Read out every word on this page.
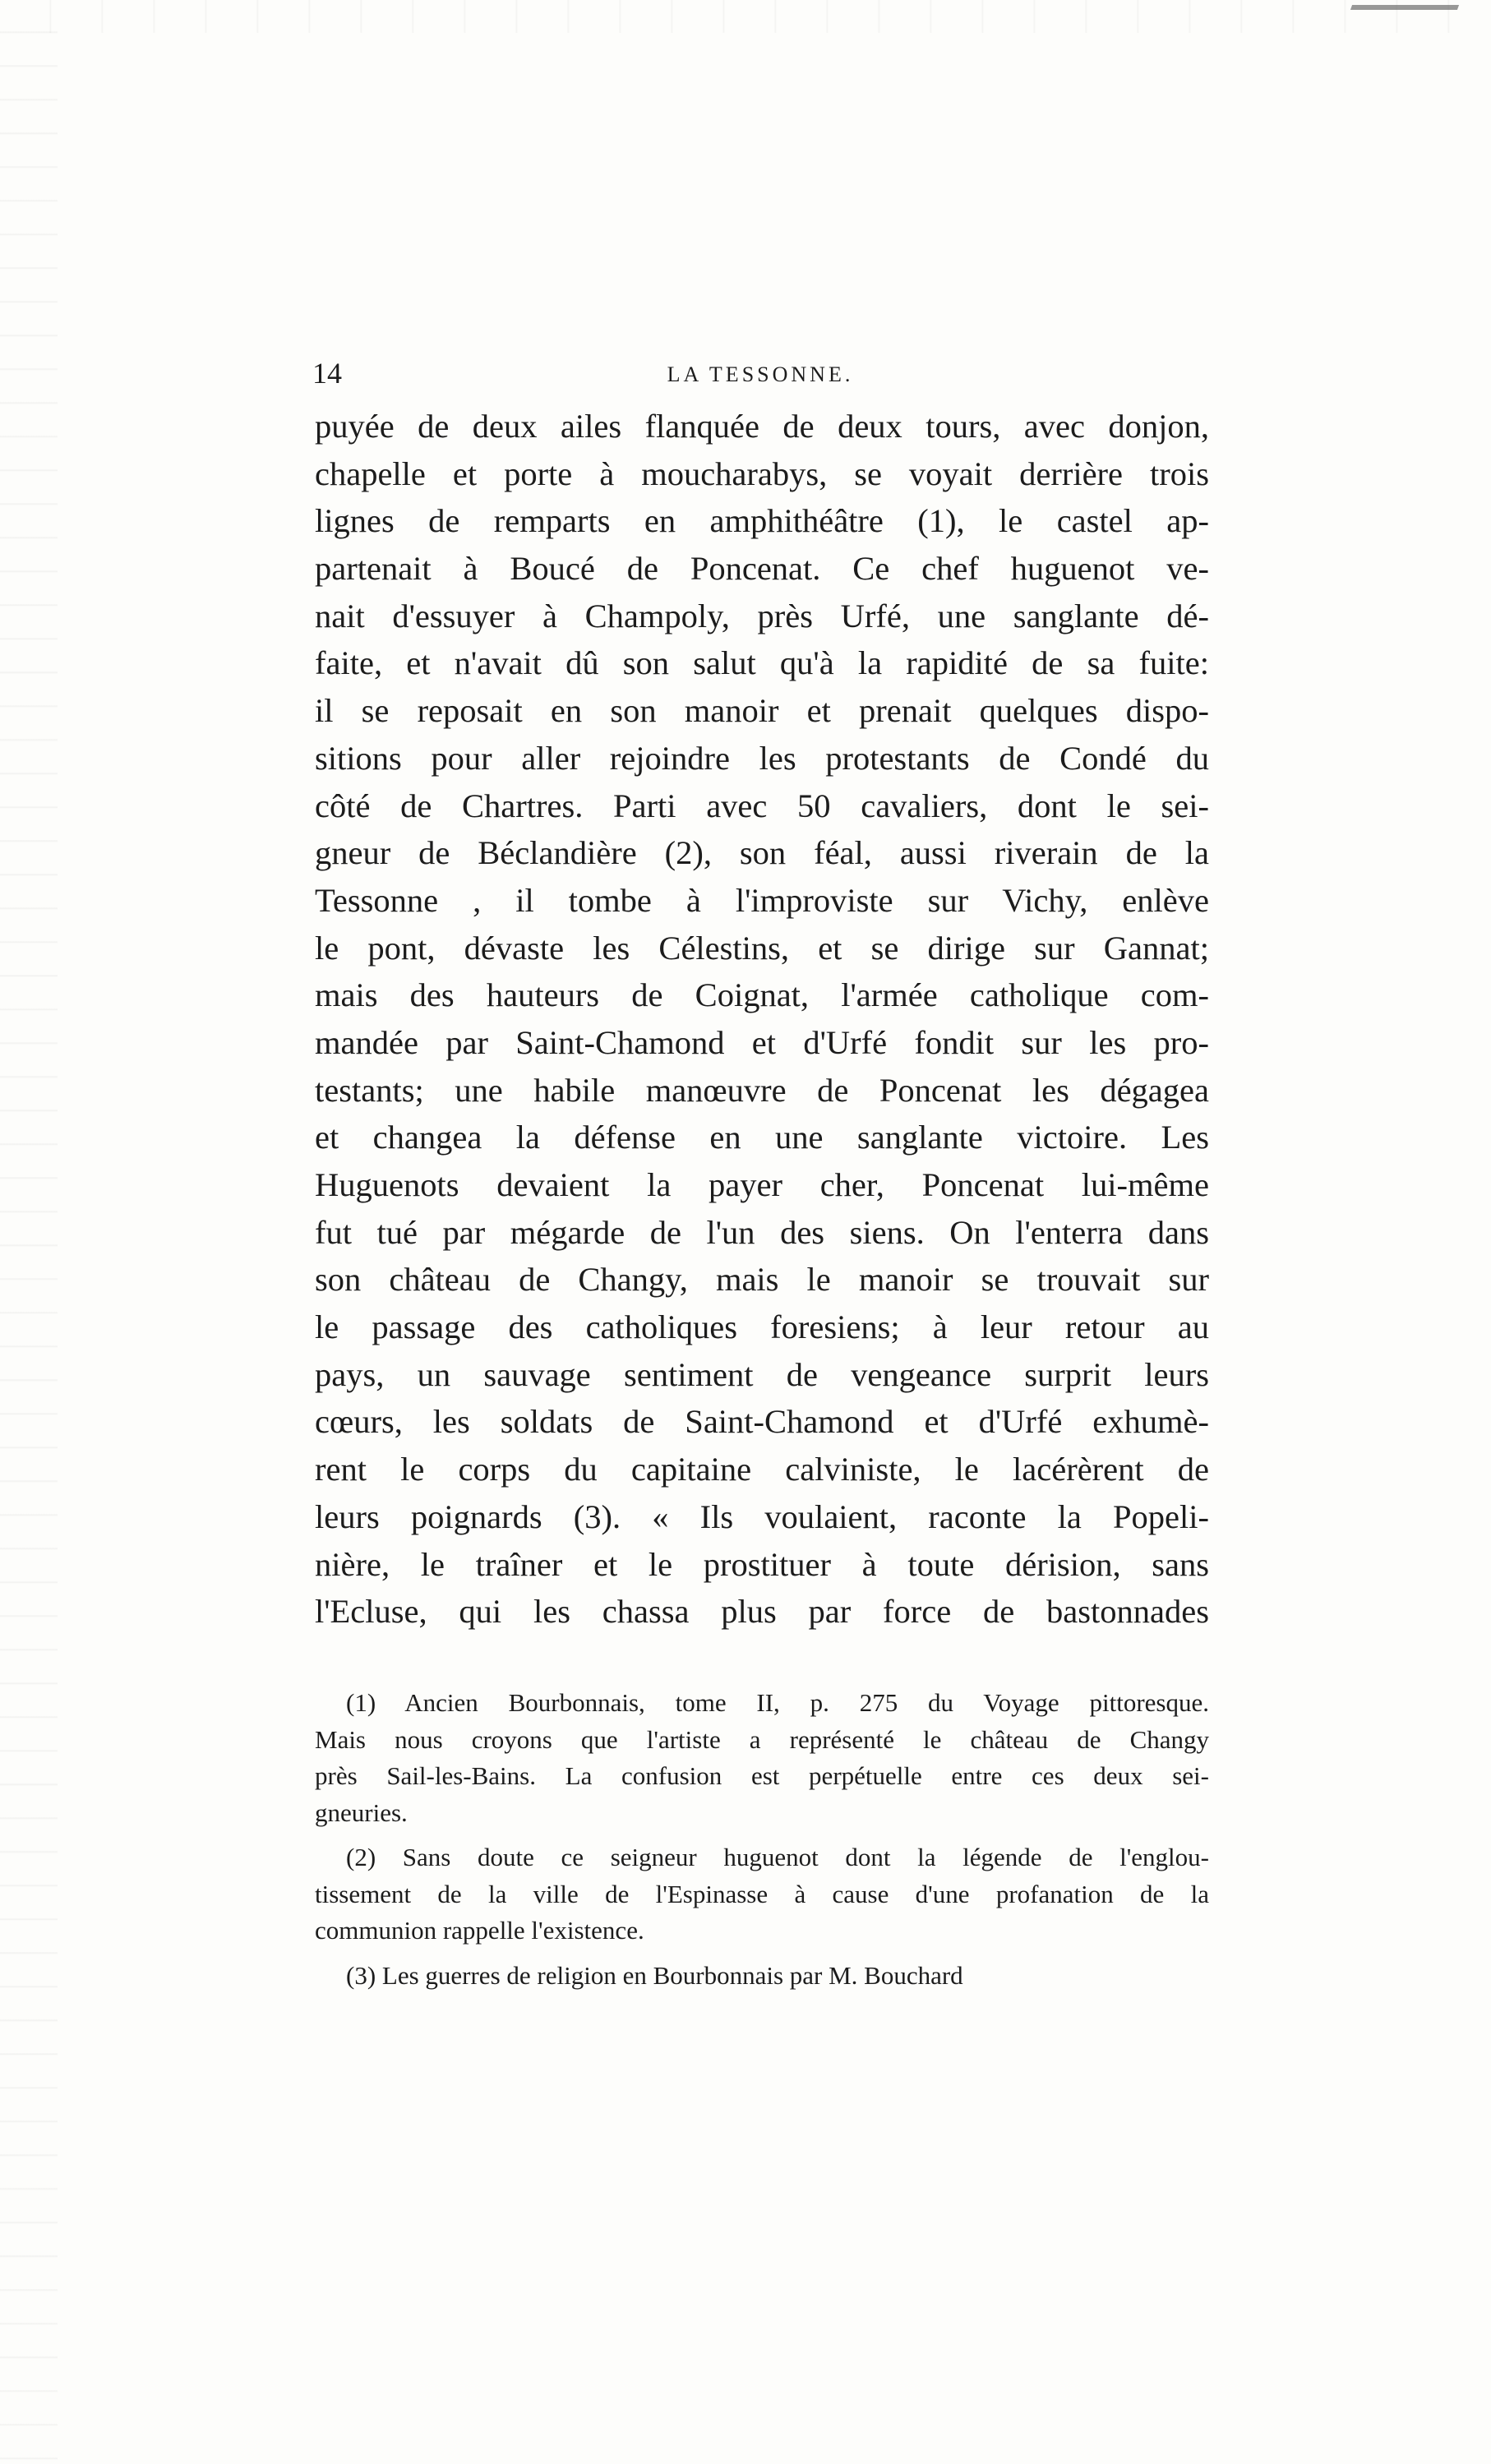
14	LA TESSONNE.
puyée de deux ailes flanquée de deux tours, avec donjon,
chapelle et porte à moucharabys, se voyait derrière trois
lignes de remparts en amphithéâtre (1), le castel ap-
partenait à Boucé de Poncenat. Ce chef huguenot ve-
nait d'essuyer à Champoly, près Urfé, une sanglante dé-
faite, et n'avait dû son salut qu'à la rapidité de sa fuite:
il se reposait en son manoir et prenait quelques dispo-
sitions pour aller rejoindre les protestants de Condé du
côté de Chartres. Parti avec 50 cavaliers, dont le sei-
gneur de Béclandière (2), son féal, aussi riverain de la
Tessonne , il tombe à l'improviste sur Vichy, enlève
le pont, dévaste les Célestins, et se dirige sur Gannat;
mais des hauteurs de Coignat, l'armée catholique com-
mandée par Saint-Chamond et d'Urfé fondit sur les pro-
testants; une habile manœuvre de Poncenat les dégagea
et changea la défense en une sanglante victoire. Les
Huguenots devaient la payer cher, Poncenat lui-même
fut tué par mégarde de l'un des siens. On l'enterra dans
son château de Changy, mais le manoir se trouvait sur
le passage des catholiques foresiens; à leur retour au
pays, un sauvage sentiment de vengeance surprit leurs
cœurs, les soldats de Saint-Chamond et d'Urfé exhumè-
rent le corps du capitaine calviniste, le lacérèrent de
leurs poignards (3). « Ils voulaient, raconte la Popeli-
nière, le traîner et le prostituer à toute dérision, sans
l'Ecluse, qui les chassa plus par force de bastonnades
(1) Ancien Bourbonnais, tome II, p. 275 du Voyage pittoresque.
Mais nous croyons que l'artiste a représenté le château de Changy
près Sail-les-Bains. La confusion est perpétuelle entre ces deux sei-
gneuries.
(2) Sans doute ce seigneur huguenot dont la légende de l'englou-
tissement de la ville de l'Espinasse à cause d'une profanation de la
communion rappelle l'existence.
(3) Les guerres de religion en Bourbonnais par M. Bouchard
